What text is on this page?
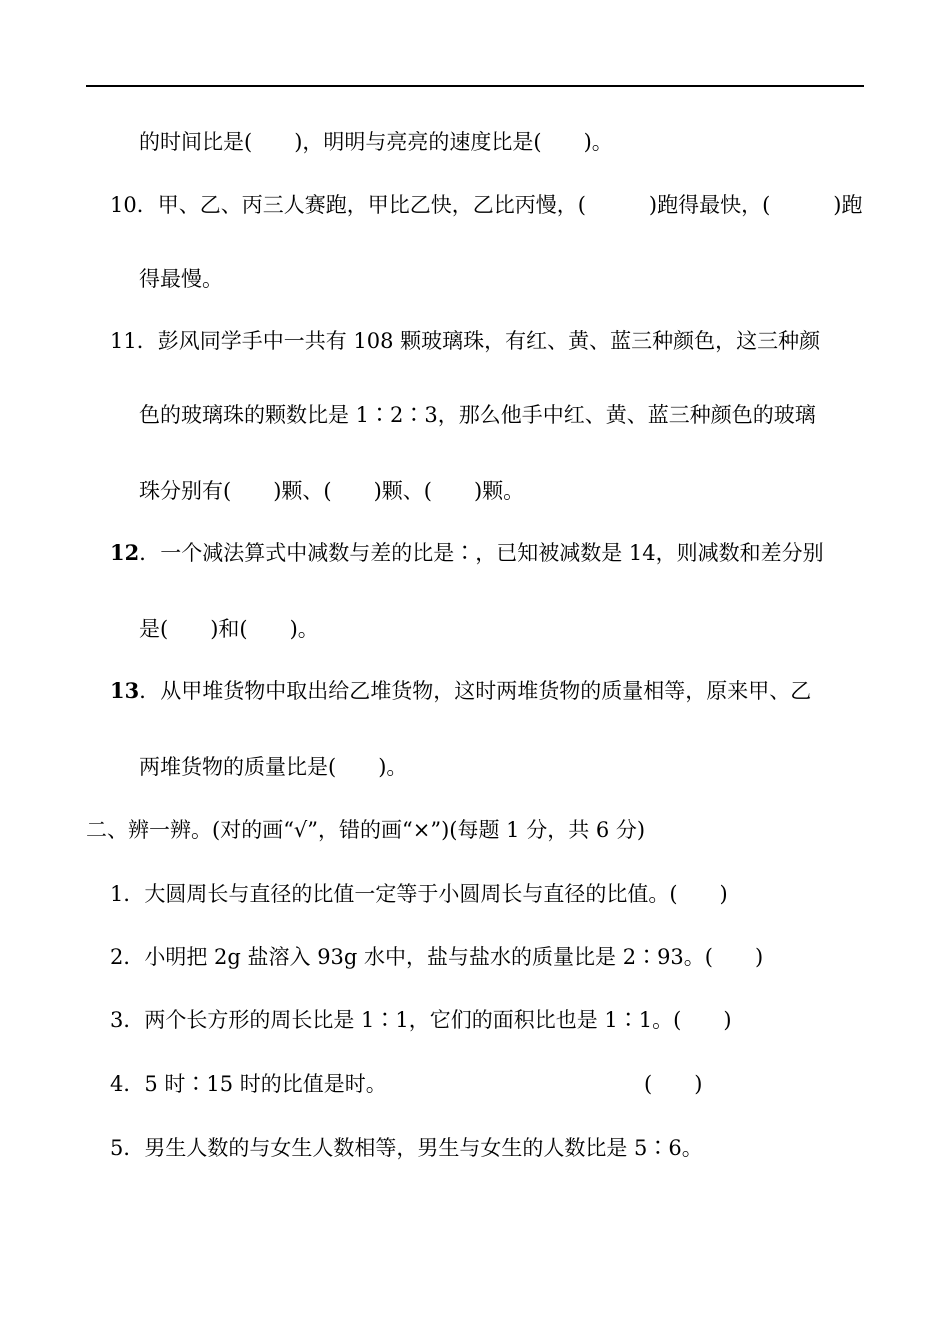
的时间比是(　　)，明明与亮亮的速度比是(　　)。
10．甲、乙、丙三人赛跑，甲比乙快，乙比丙慢，(　　　)跑得最快，(　　　)跑
得最慢。
11．彭风同学手中一共有 108 颗玻璃珠，有红、黄、蓝三种颜色，这三种颜
色的玻璃珠的颗数比是 1∶2∶3，那么他手中红、黄、蓝三种颜色的玻璃
珠分别有(　　)颗、(　　)颗、(　　)颗。
12．一个减法算式中减数与差的比是∶，已知被减数是 14，则减数和差分别
是(　　)和(　　)。
13．从甲堆货物中取出给乙堆货物，这时两堆货物的质量相等，原来甲、乙
两堆货物的质量比是(　　)。
二、辨一辨。(对的画“√”，错的画“×”)(每题 1 分，共 6 分)
1．大圆周长与直径的比值一定等于小圆周长与直径的比值。(　　)
2．小明把 2g 盐溶入 93g 水中，盐与盐水的质量比是 2∶93。(　　)
3．两个长方形的周长比是 1∶1，它们的面积比也是 1∶1。(　　)
4．5 时∶15 时的比值是时。	(　　)
5．男生人数的与女生人数相等，男生与女生的人数比是 5∶6。
